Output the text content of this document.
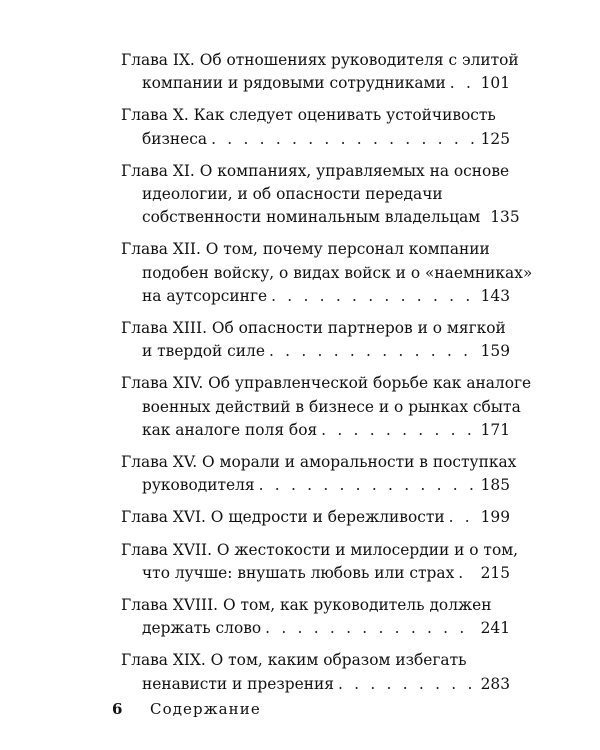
Глава IX. Об отношениях руководителя с элитой
компании и рядовыми сотрудниками . . . 101
Глава X. Как следует оценивать устойчивость
бизнеса . . .	125
Глава XI. О компаниях, управляемых на основе
идеологии, и об опасности передачи
собственности номинальным владельцам 135
Глава XII. О том, почему персонал компании
подобен войску, о видах войск и о «наемниках»
на аутсорсинге . . .	143
Глава XIII. Об опасности партнеров и о мягкой
и твердой силе . . .	159
Глава XIV. Об управленческой борьбе как аналоге
военных действий в бизнесе и о рынках сбыта
как аналоге поля боя . . .	171
Глава XV. О морали и аморальности в поступках
руководителя . . .	185
Глава XVI. О щедрости и бережливости . . . 199
Глава XVII. О жестокости и милосердии и о том,
что лучше: внушать любовь или страх . . . 215
Глава XVIII. О том, как руководитель должен
держать слово . . .	241
Глава XIX. О том, каким образом избегать
ненависти и презрения . . .	283
6 Содержание
